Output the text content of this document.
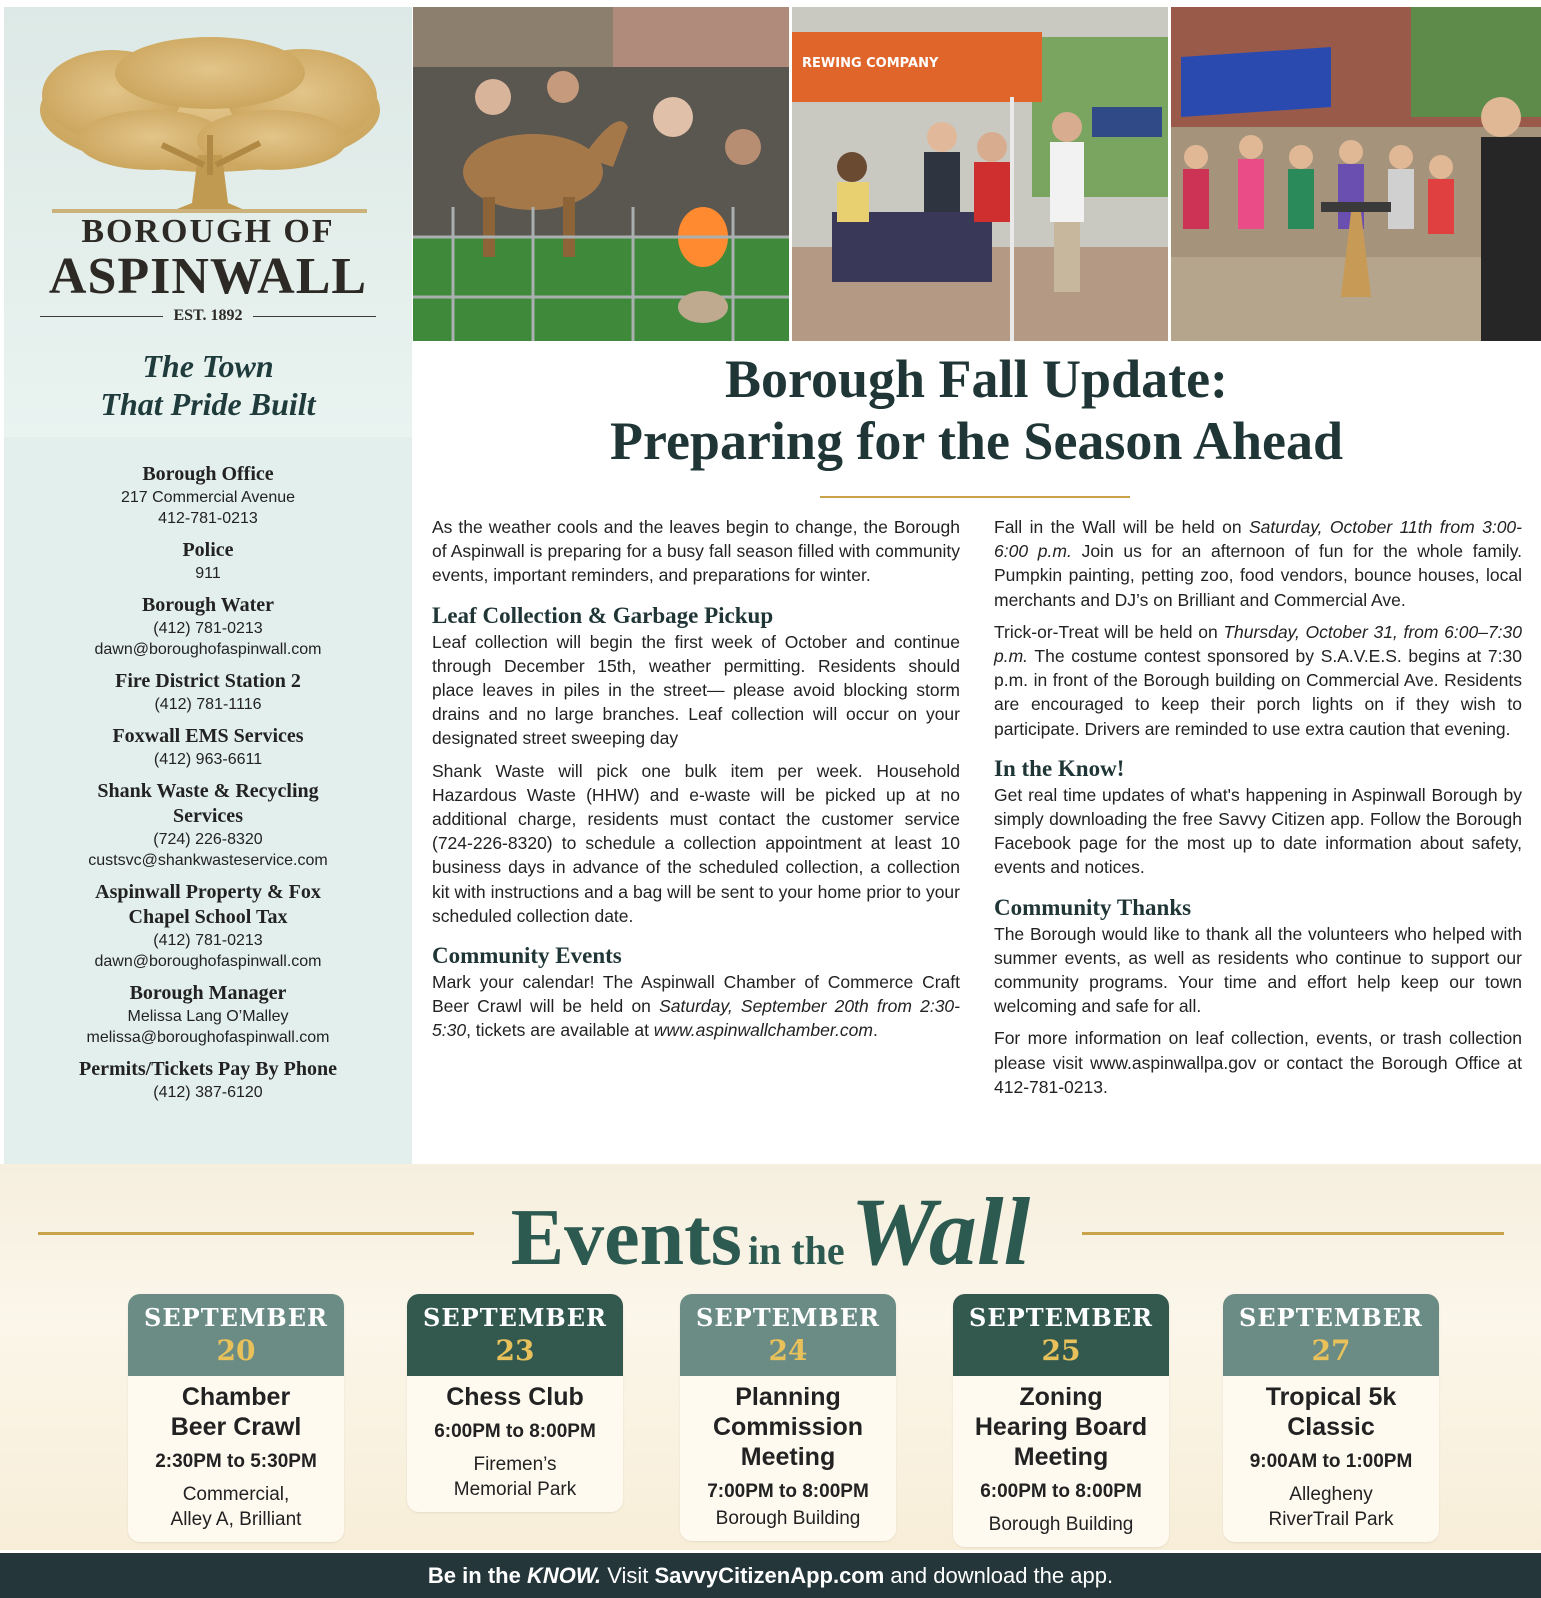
BOROUGH OF
ASPINWALL
EST. 1892
The Town
That Pride Built
Borough Office
217 Commercial Avenue
412-781-0213
Police
911
Borough Water
(412) 781-0213
dawn@boroughofaspinwall.com
Fire District Station 2
(412) 781-1116
Foxwall EMS Services
(412) 963-6611
Shank Waste & Recycling Services
(724) 226-8320
custsvc@shankwasteservice.com
Aspinwall Property & Fox Chapel School Tax
(412) 781-0213
dawn@boroughofaspinwall.com
Borough Manager
Melissa Lang O’Malley
melissa@boroughofaspinwall.com
Permits/Tickets Pay By Phone
(412) 387-6120
REWING COMPANY
Borough Fall Update:
Preparing for the Season Ahead

As the weather cools and the leaves begin to change, the Borough of Aspinwall is preparing for a busy fall season filled with community events, important reminders, and preparations for winter.

Leaf Collection & Garbage Pickup

Leaf collection will begin the first week of October and continue through December 15th, weather permitting. Residents should place leaves in piles in the street— please avoid blocking storm drains and no large branches. Leaf collection will occur on your designated street sweeping day

Shank Waste will pick one bulk item per week. Household Hazardous Waste (HHW) and e-waste will be picked up at no additional charge, residents must contact the customer service (724-226-8320) to schedule a collection appointment at least 10 business days in advance of the scheduled collection, a collection kit with instructions and a bag will be sent to your home prior to your scheduled collection date.

Community Events

Mark your calendar! The Aspinwall Chamber of Commerce Craft Beer Crawl will be held on Saturday, September 20th from 2:30- 5:30, tickets are available at www.aspinwallchamber.com.

Fall in the Wall will be held on Saturday, October 11th from 3:00-6:00 p.m. Join us for an afternoon of fun for the whole family. Pumpkin painting, petting zoo, food vendors, bounce houses, local merchants and DJ’s on Brilliant and Commercial Ave.

Trick-or-Treat will be held on Thursday, October 31, from 6:00–7:30 p.m. The costume contest sponsored by S.A.V.E.S. begins at 7:30 p.m. in front of the Borough building on Commercial Ave. Residents are encouraged to keep their porch lights on if they wish to participate. Drivers are reminded to use extra caution that evening.

In the Know!

Get real time updates of what's happening in Aspinwall Borough by simply downloading the free Savvy Citizen app. Follow the Borough Facebook page for the most up to date information about safety, events and notices.

Community Thanks

The Borough would like to thank all the volunteers who helped with summer events, as well as residents who continue to support our community programs. Your time and effort help keep our town welcoming and safe for all.

For more information on leaf collection, events, or trash collection please visit www.aspinwallpa.gov or contact the Borough Office at 412-781-0213.

Events in theWall
SEPTEMBER
20
Chamber Beer Crawl
2:30PM to 5:30PM
Commercial, Alley A, Brilliant
SEPTEMBER
23
Chess Club
6:00PM to 8:00PM
Firemen’s Memorial Park
SEPTEMBER
24
Planning Commission Meeting
7:00PM to 8:00PM
Borough Building
SEPTEMBER
25
Zoning Hearing Board Meeting
6:00PM to 8:00PM
Borough Building
SEPTEMBER
27
Tropical 5k Classic
9:00AM to 1:00PM
Allegheny RiverTrail Park
Be in the KNOW. Visit SavvyCitizenApp.com and download the app.
